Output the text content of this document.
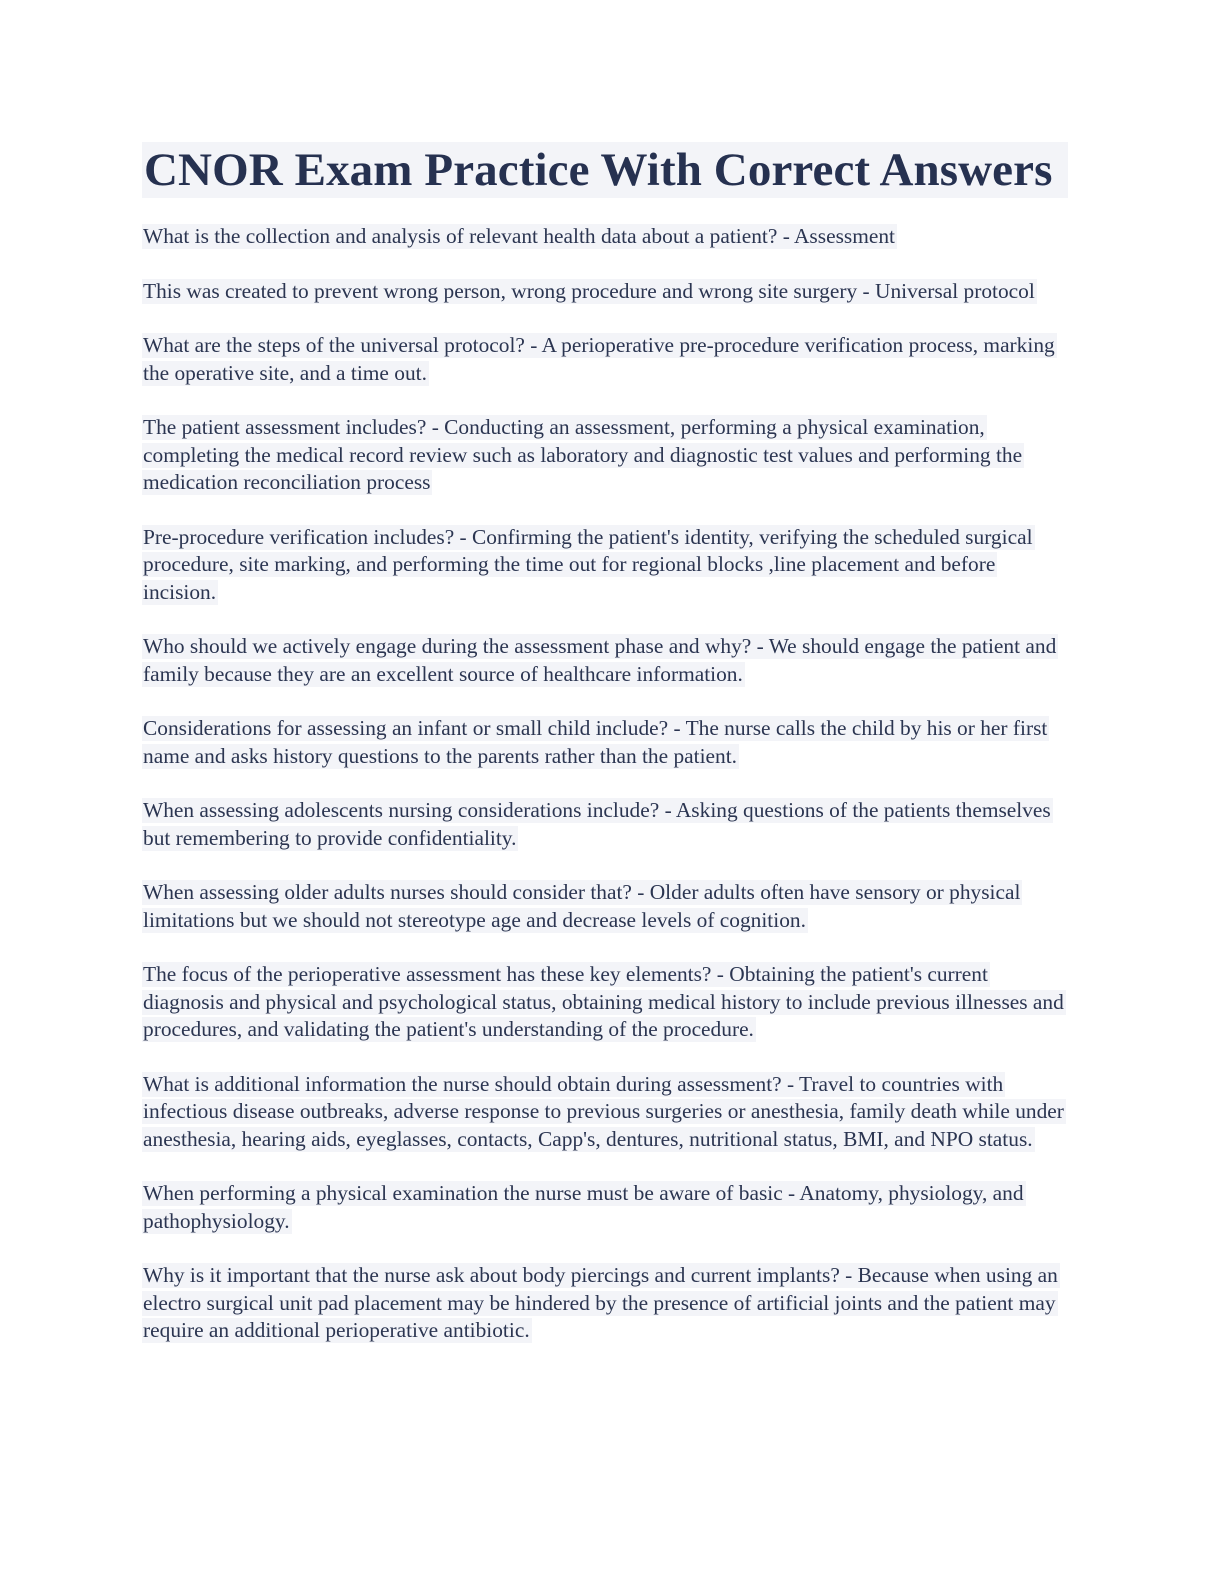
CNOR Exam Practice With Correct Answers

What is the collection and analysis of relevant health data about a patient? - Assessment

This was created to prevent wrong person, wrong procedure and wrong site surgery - Universal protocol

What are the steps of the universal protocol? - A perioperative pre-procedure verification process, marking the operative site, and a time out.

The patient assessment includes? - Conducting an assessment, performing a physical examination, completing the medical record review such as laboratory and diagnostic test values and performing the medication reconciliation process

Pre-procedure verification includes? - Confirming the patient's identity, verifying the scheduled surgical procedure, site marking, and performing the time out for regional blocks ,line placement and before incision.

Who should we actively engage during the assessment phase and why? - We should engage the patient and family because they are an excellent source of healthcare information.

Considerations for assessing an infant or small child include? - The nurse calls the child by his or her first name and asks history questions to the parents rather than the patient.

When assessing adolescents nursing considerations include? - Asking questions of the patients themselves but remembering to provide confidentiality.

When assessing older adults nurses should consider that? - Older adults often have sensory or physical limitations but we should not stereotype age and decrease levels of cognition.

The focus of the perioperative assessment has these key elements? - Obtaining the patient's current diagnosis and physical and psychological status, obtaining medical history to include previous illnesses and procedures, and validating the patient's understanding of the procedure.

What is additional information the nurse should obtain during assessment? - Travel to countries with infectious disease outbreaks, adverse response to previous surgeries or anesthesia, family death while under anesthesia, hearing aids, eyeglasses, contacts, Capp's, dentures, nutritional status, BMI, and NPO status.

When performing a physical examination the nurse must be aware of basic - Anatomy, physiology, and pathophysiology.

Why is it important that the nurse ask about body piercings and current implants? - Because when using an electro surgical unit pad placement may be hindered by the presence of artificial joints and the patient may require an additional perioperative antibiotic.
